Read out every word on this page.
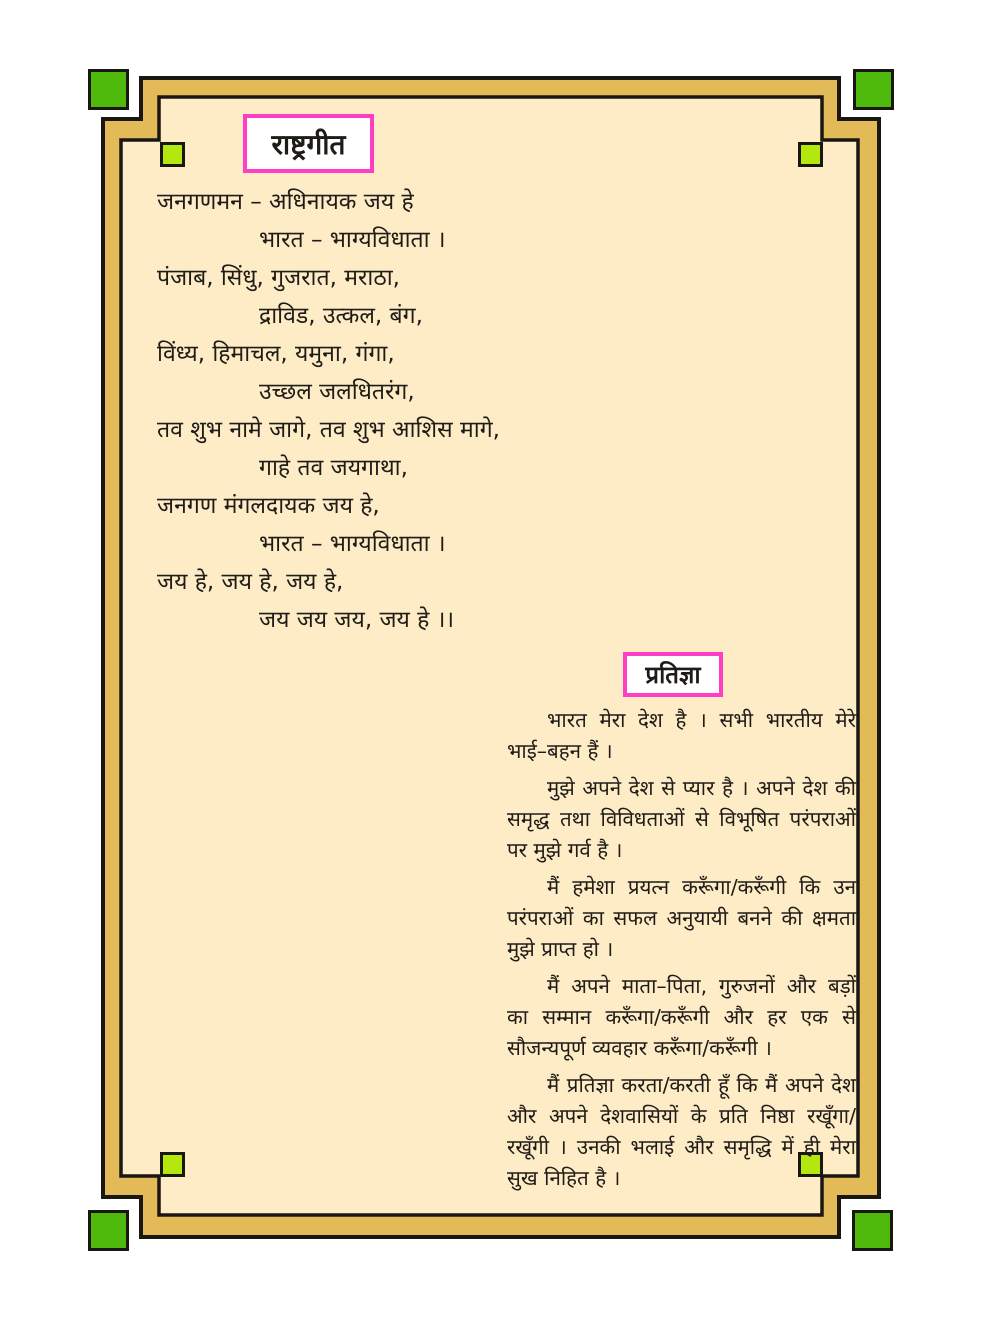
राष्ट्रगीत
जनगणमन – अधिनायक जय हे
भारत – भाग्यविधाता ।
पंजाब, सिंधु, गुजरात, मराठा,
द्राविड, उत्कल, बंग,
विंध्य, हिमाचल, यमुना, गंगा,
उच्छल जलधितरंग,
तव शुभ नामे जागे, तव शुभ आशिस मागे,
गाहे तव जयगाथा,
जनगण मंगलदायक जय हे,
भारत – भाग्यविधाता ।
जय हे, जय हे, जय हे,
जय जय जय, जय हे ।।
प्रतिज्ञा

भारत मेरा देश है । सभी भारतीय मेरे भाई–बहन हैं ।

मुझे अपने देश से प्यार है । अपने देश की समृद्ध तथा विविधताओं से विभूषित परंपराओं पर मुझे गर्व है ।

मैं हमेशा प्रयत्न करूँगा/करूँगी कि उन परंपराओं का सफल अनुयायी बनने की क्षमता मुझे प्राप्त हो ।

मैं अपने माता–पिता, गुरुजनों और बड़ों का सम्मान करूँगा/करूँगी और हर एक से सौजन्यपूर्ण व्यवहार करूँगा/करूँगी ।

मैं प्रतिज्ञा करता/करती हूँ कि मैं अपने देश और अपने देशवासियों के प्रति निष्ठा रखूँगा/रखूँगी । उनकी भलाई और समृद्धि में ही मेरा सुख निहित है ।
